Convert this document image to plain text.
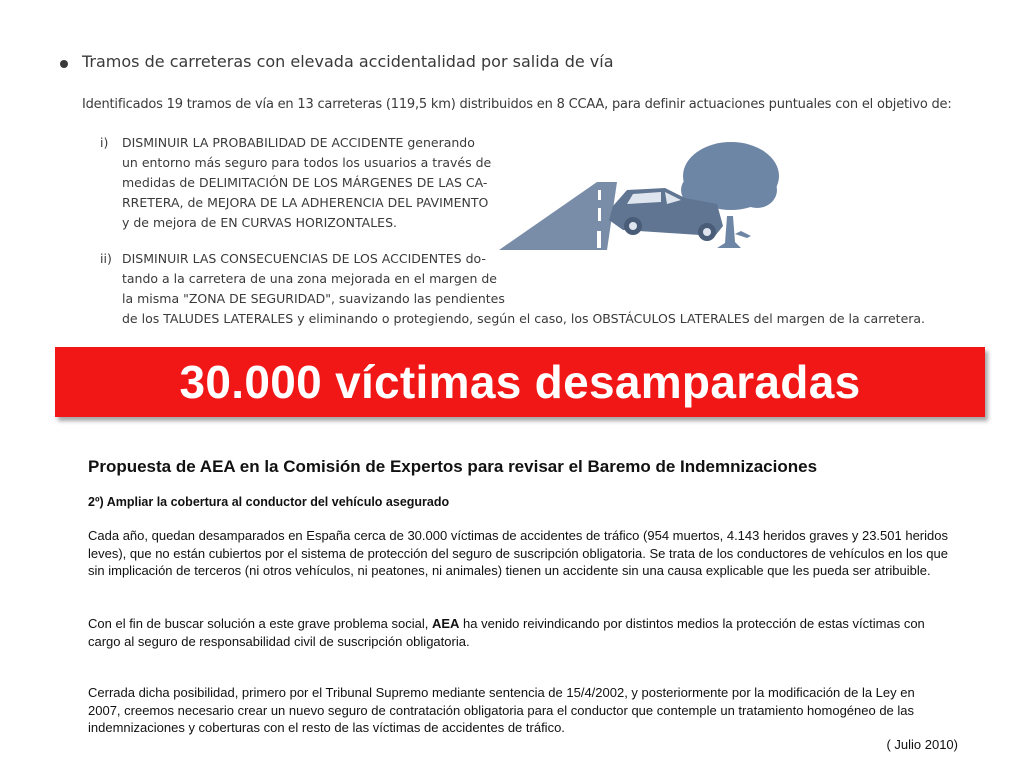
Tramos de carreteras con elevada accidentalidad por salida de vía
Identificados 19 tramos de vía en 13 carreteras (119,5 km) distribuidos en 8 CCAA, para definir actuaciones puntuales con el objetivo de:
i) DISMINUIR LA PROBABILIDAD DE ACCIDENTE generando
un entorno más seguro para todos los usuarios a través de
medidas de DELIMITACIÓN DE LOS MÁRGENES DE LAS CA-
RRETERA, de MEJORA DE LA ADHERENCIA DEL PAVIMENTO
y de mejora de EN CURVAS HORIZONTALES.
ii) DISMINUIR LAS CONSECUENCIAS DE LOS ACCIDENTES do-
tando a la carretera de una zona mejorada en el margen de
la misma "ZONA DE SEGURIDAD", suavizando las pendientes
de los TALUDES LATERALES y eliminando o protegiendo, según el caso, los OBSTÁCULOS LATERALES del margen de la carretera.
30.000 víctimas desamparadas
Propuesta de AEA en la Comisión de Expertos para revisar el Baremo de Indemnizaciones
2º) Ampliar la cobertura al conductor del vehículo asegurado
Cada año, quedan desamparados en España cerca de 30.000 víctimas de accidentes de tráfico (954 muertos, 4.143 heridos graves y 23.501 heridos leves), que no están cubiertos por el sistema de protección del seguro de suscripción obligatoria. Se trata de los conductores de vehículos en los que sin implicación de terceros (ni otros vehículos, ni peatones, ni animales) tienen un accidente sin una causa explicable que les pueda ser atribuible.
Con el fin de buscar solución a este grave problema social, AEA ha venido reivindicando por distintos medios la protección de estas víctimas con cargo al seguro de responsabilidad civil de suscripción obligatoria.
Cerrada dicha posibilidad, primero por el Tribunal Supremo mediante sentencia de 15/4/2002, y posteriormente por la modificación de la Ley en 2007, creemos necesario crear un nuevo seguro de contratación obligatoria para el conductor que contemple un tratamiento homogéneo de las indemnizaciones y coberturas con el resto de las víctimas de accidentes de tráfico.
( Julio 2010)
